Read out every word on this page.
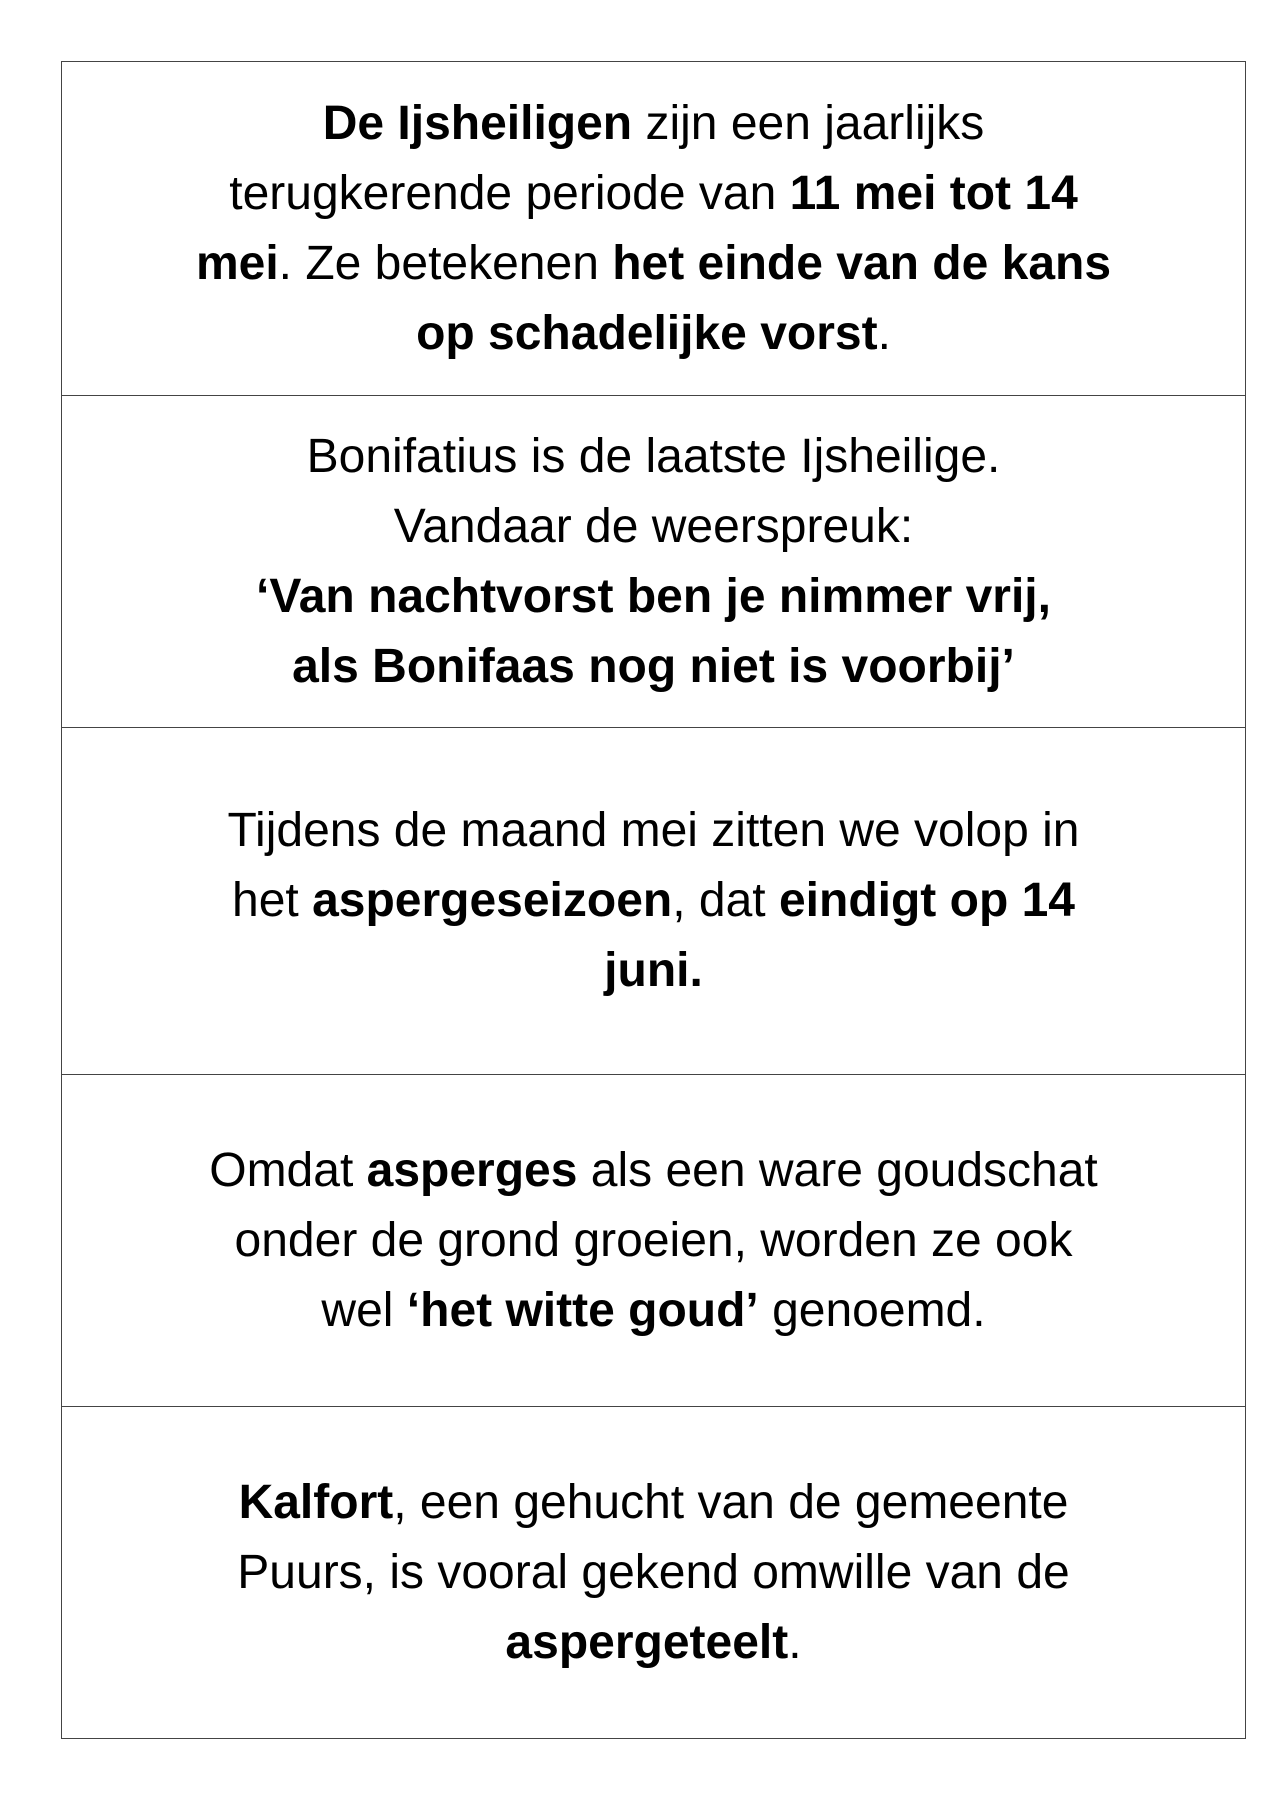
De Ijsheiligen zijn een jaarlijks
terugkerende periode van 11 mei tot 14
mei. Ze betekenen het einde van de kans
op schadelijke vorst.
Bonifatius is de laatste Ijsheilige.
Vandaar de weerspreuk:
‘Van nachtvorst ben je nimmer vrij,
als Bonifaas nog niet is voorbij’
Tijdens de maand mei zitten we volop in
het aspergeseizoen, dat eindigt op 14
juni.
Omdat asperges als een ware goudschat
onder de grond groeien, worden ze ook
wel ‘het witte goud’ genoemd.
Kalfort, een gehucht van de gemeente
Puurs, is vooral gekend omwille van de
aspergeteelt.
